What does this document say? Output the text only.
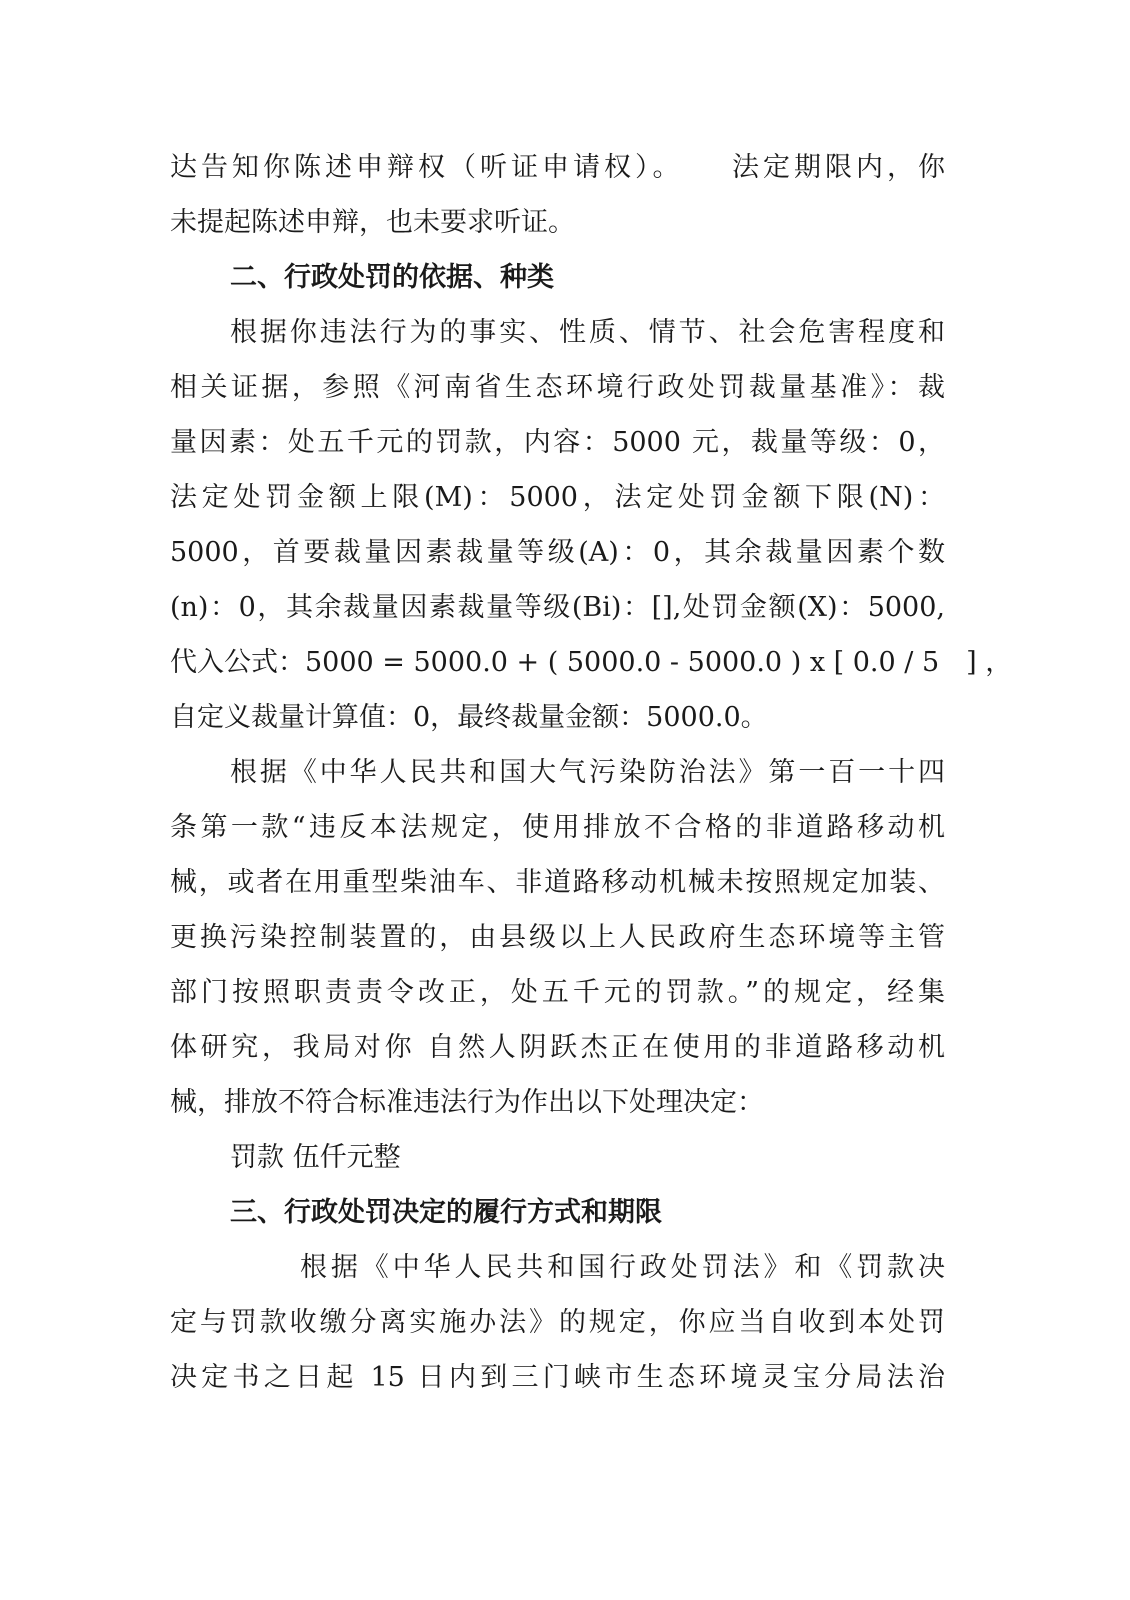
达告知你陈述申辩权（听证申请权）。　　法定期限内，你
未提起陈述申辩，也未要求听证。
二、行政处罚的依据、种类
根据你违法行为的事实、性质、情节、社会危害程度和
相关证据，参照《河南省生态环境行政处罚裁量基准》：裁
量因素：处五千元的罚款，内容：5000 元，裁量等级：0，
法定处罚金额上限(M)：5000，法定处罚金额下限(N)：
5000，首要裁量因素裁量等级(A)：0，其余裁量因素个数
(n)：0，其余裁量因素裁量等级(Bi)：[],处罚金额(X)：5000,
代入公式：5000 = 5000.0 + ( 5000.0 - 5000.0 ) x [ 0.0 / 5　] ，
自定义裁量计算值：0，最终裁量金额：5000.0。
根据《中华人民共和国大气污染防治法》第一百一十四
条第一款“违反本法规定，使用排放不合格的非道路移动机
械，或者在用重型柴油车、非道路移动机械未按照规定加装、
更换污染控制装置的，由县级以上人民政府生态环境等主管
部门按照职责责令改正，处五千元的罚款。”的规定，经集
体研究，我局对你 自然人阴跃杰正在使用的非道路移动机
械，排放不符合标准违法行为作出以下处理决定：
罚款 伍仟元整
三、行政处罚决定的履行方式和期限
根据《中华人民共和国行政处罚法》和《罚款决
定与罚款收缴分离实施办法》的规定，你应当自收到本处罚
决定书之日起 15 日内到三门峡市生态环境灵宝分局法治
